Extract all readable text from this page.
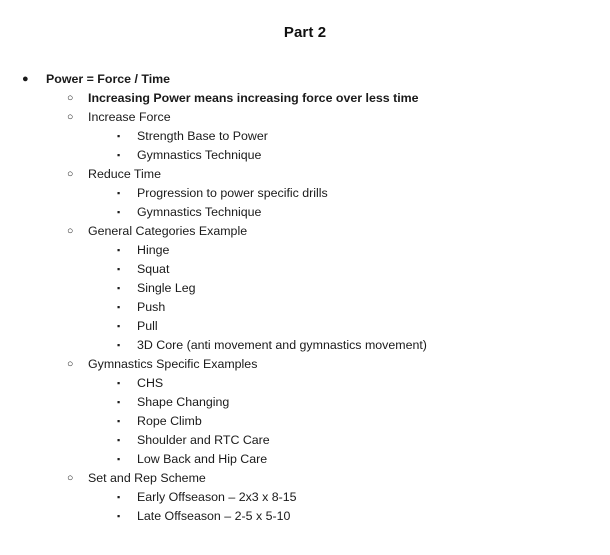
Part 2
● Power = Force / Time
○ Increasing Power means increasing force over less time
○ Increase Force
▪ Strength Base to Power
▪ Gymnastics Technique
○ Reduce Time
▪ Progression to power specific drills
▪ Gymnastics Technique
○ General Categories Example
▪ Hinge
▪ Squat
▪ Single Leg
▪ Push
▪ Pull
▪ 3D Core (anti movement and gymnastics movement)
○ Gymnastics Specific Examples
▪ CHS
▪ Shape Changing
▪ Rope Climb
▪ Shoulder and RTC Care
▪ Low Back and Hip Care
○ Set and Rep Scheme
▪ Early Offseason – 2x3 x 8-15
▪ Late Offseason – 2-5 x 5-10
